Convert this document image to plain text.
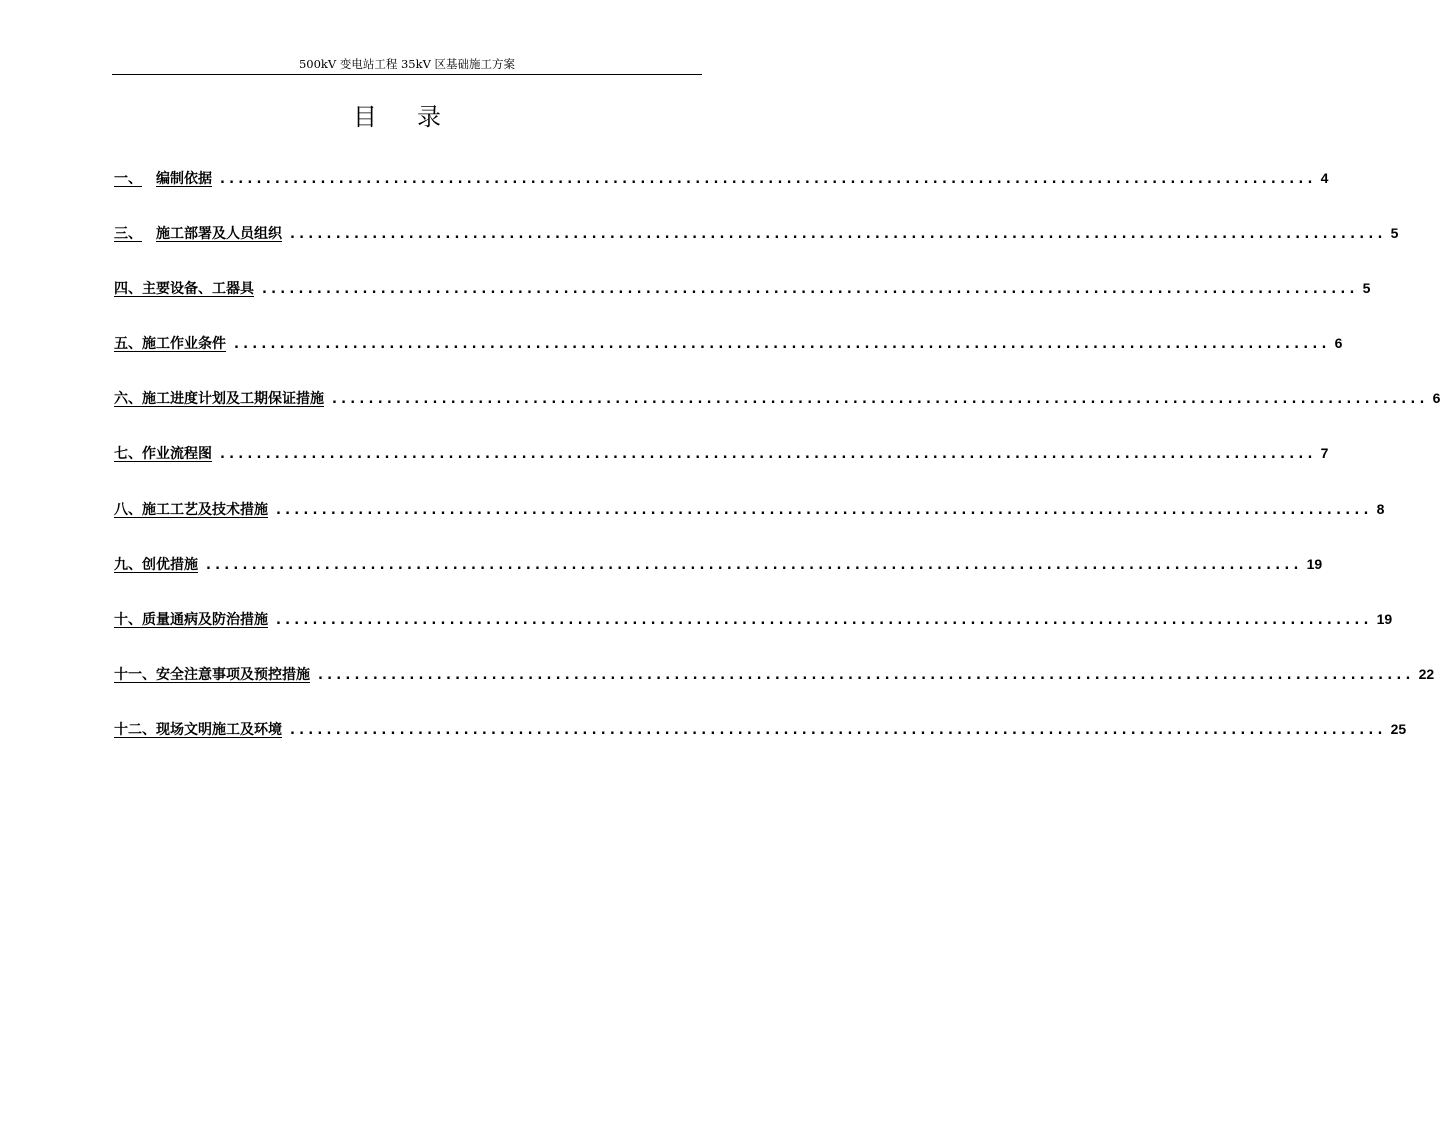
500kV 变电站工程 35kV 区基础施工方案
目 录
一、 编制依据 ........................................................................................................................ 4
三、 施工部署及人员组织 ........................................................................................................................ 5
四、主要设备、工器具 ........................................................................................................................ 5
五、施工作业条件 ........................................................................................................................ 6
六、施工进度计划及工期保证措施 ........................................................................................................................ 6
七、作业流程图 ........................................................................................................................ 7
八、施工工艺及技术措施 ........................................................................................................................ 8
九、创优措施 ........................................................................................................................ 19
十、质量通病及防治措施 ........................................................................................................................ 19
十一、安全注意事项及预控措施 ........................................................................................................................ 22
十二、现场文明施工及环境 ........................................................................................................................ 25
